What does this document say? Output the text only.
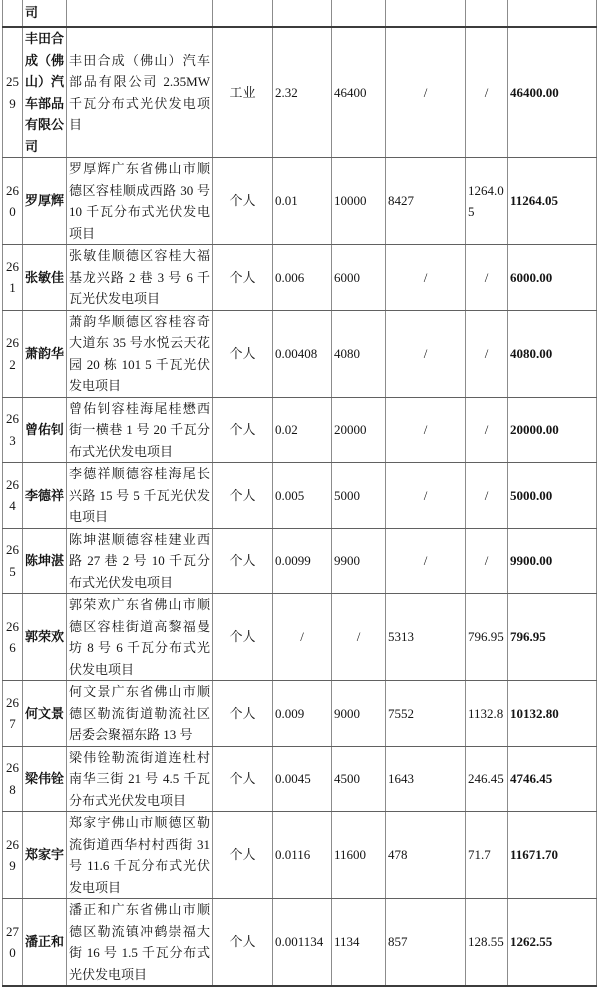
	司							
259	丰田合成（佛山）汽车部品有限公司	丰田合成（佛山）汽车部品有限公司 2.35MW 千瓦分布式光伏发电项目	工业	2.32	46400	/	/	46400.00
260	罗厚辉	罗厚辉广东省佛山市顺德区容桂顺成西路 30 号 10 千瓦分布式光伏发电项目	个人	0.01	10000	8427	1264.05	11264.05
261	张敏佳	张敏佳顺德区容桂大福基龙兴路 2 巷 3 号 6 千瓦光伏发电项目	个人	0.006	6000	/	/	6000.00
262	萧韵华	萧韵华顺德区容桂容奇大道东 35 号水悦云天花园 20 栋 101 5 千瓦光伏发电项目	个人	0.00408	4080	/	/	4080.00
263	曾佑钊	曾佑钊容桂海尾桂懋西街一横巷 1 号 20 千瓦分布式光伏发电项目	个人	0.02	20000	/	/	20000.00
264	李德祥	李德祥顺德容桂海尾长兴路 15 号 5 千瓦光伏发电项目	个人	0.005	5000	/	/	5000.00
265	陈坤湛	陈坤湛顺德容桂建业西路 27 巷 2 号 10 千瓦分布式光伏发电项目	个人	0.0099	9900	/	/	9900.00
266	郭荣欢	郭荣欢广东省佛山市顺德区容桂街道高黎福曼坊 8 号 6 千瓦分布式光伏发电项目	个人	/	/	5313	796.95	796.95
267	何文景	何文景广东省佛山市顺德区勒流街道勒流社区居委会聚福东路 13 号	个人	0.009	9000	7552	1132.8	10132.80
268	梁伟铨	梁伟铨勒流街道连杜村南华三街 21 号 4.5 千瓦分布式光伏发电项目	个人	0.0045	4500	1643	246.45	4746.45
269	郑家宇	郑家宇佛山市顺德区勒流街道西华村村西街 31 号 11.6 千瓦分布式光伏发电项目	个人	0.0116	11600	478	71.7	11671.70
270	潘正和	潘正和广东省佛山市顺德区勒流镇冲鹤崇福大街 16 号 1.5 千瓦分布式光伏发电项目	个人	0.001134	1134	857	128.55	1262.55
